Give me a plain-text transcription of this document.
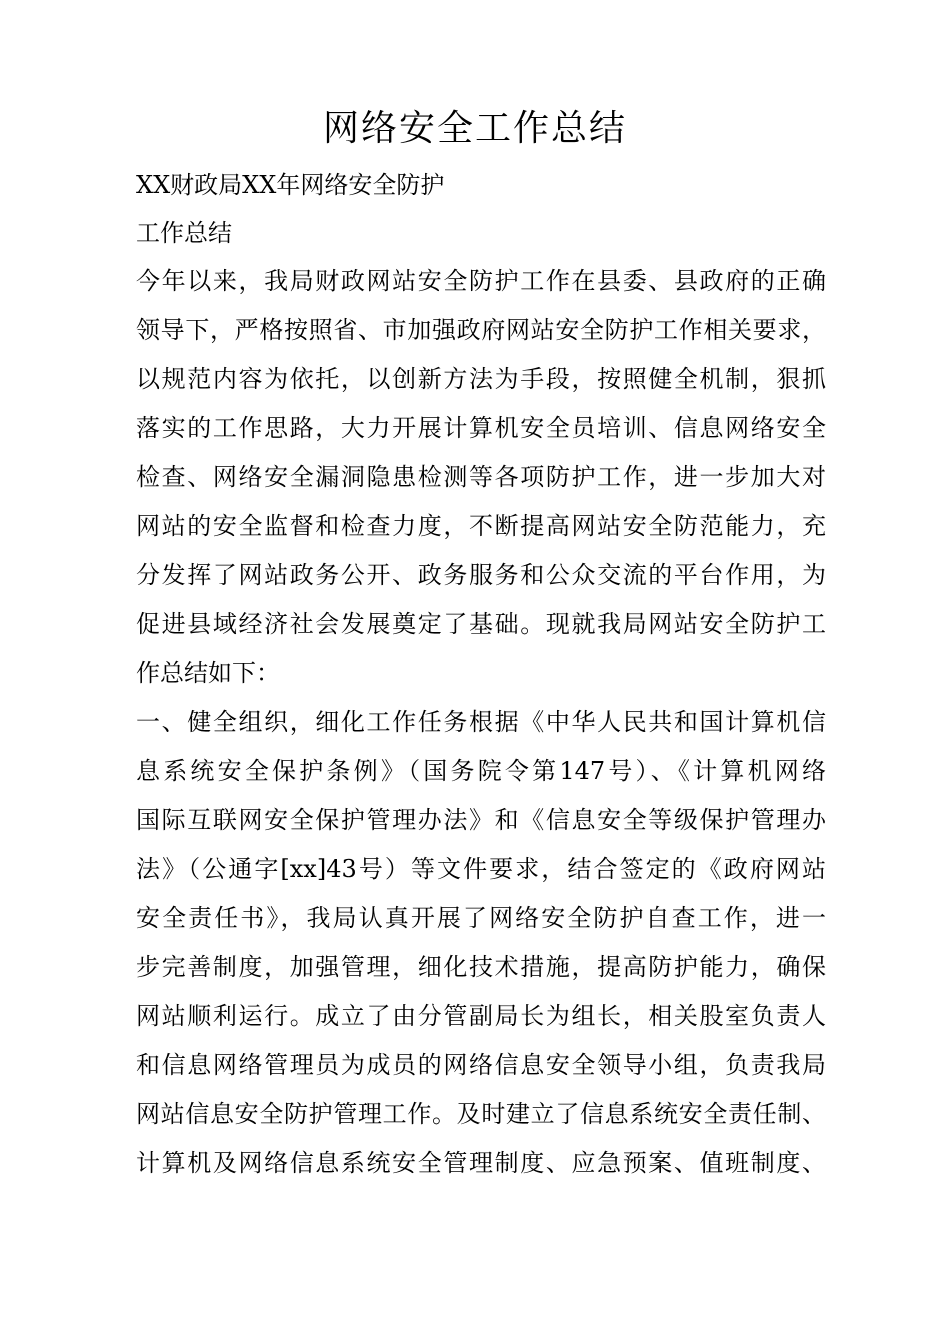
网络安全工作总结

XX财政局XX年网络安全防护

工作总结

今年以来，我局财政网站安全防护工作在县委、县政府的正确

领导下，严格按照省、市加强政府网站安全防护工作相关要求，

以规范内容为依托，以创新方法为手段，按照健全机制，狠抓

落实的工作思路，大力开展计算机安全员培训、信息网络安全

检查、网络安全漏洞隐患检测等各项防护工作，进一步加大对

网站的安全监督和检查力度，不断提高网站安全防范能力，充

分发挥了网站政务公开、政务服务和公众交流的平台作用，为

促进县域经济社会发展奠定了基础。现就我局网站安全防护工

作总结如下：

一、健全组织，细化工作任务根据《中华人民共和国计算机信

息系统安全保护条例》（国务院令第147号）、《计算机网络

国际互联网安全保护管理办法》和《信息安全等级保护管理办

法》（公通字[xx]43号）等文件要求，结合签定的《政府网站

安全责任书》，我局认真开展了网络安全防护自查工作，进一

步完善制度，加强管理，细化技术措施，提高防护能力，确保

网站顺利运行。成立了由分管副局长为组长，相关股室负责人

和信息网络管理员为成员的网络信息安全领导小组，负责我局

网站信息安全防护管理工作。及时建立了信息系统安全责任制、

计算机及网络信息系统安全管理制度、应急预案、值班制度、
